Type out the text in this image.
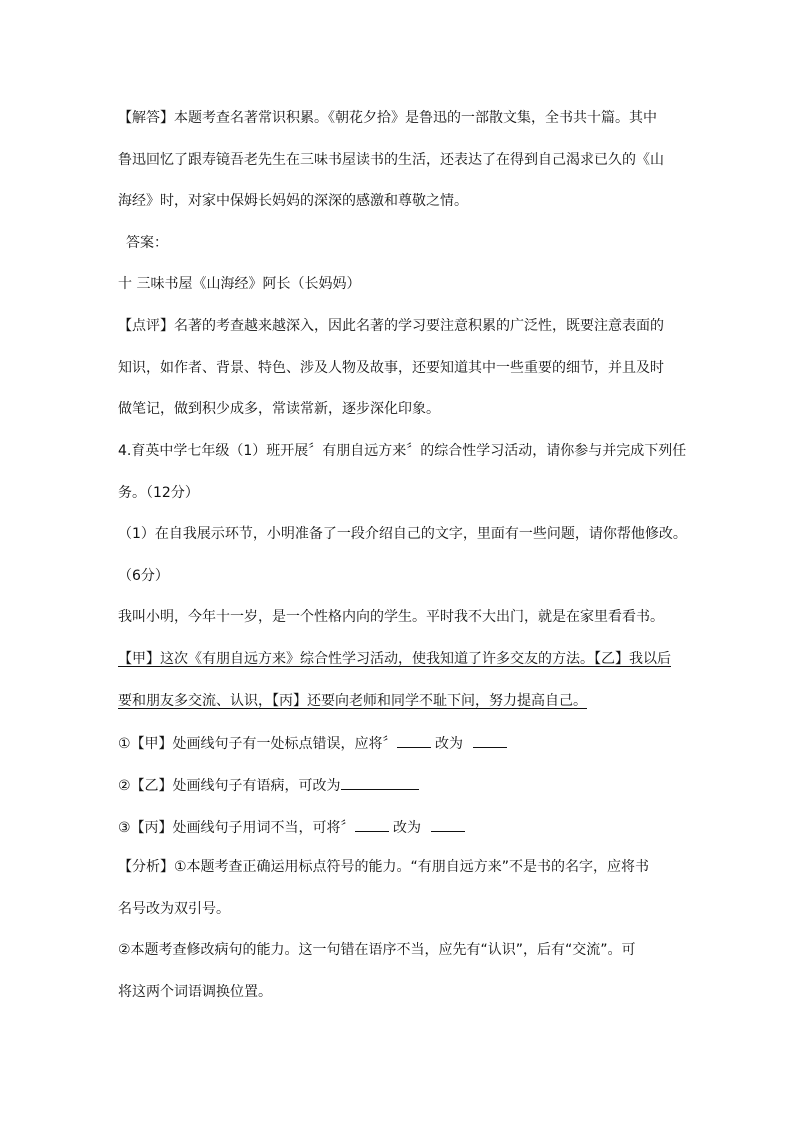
【解答】本题考查名著常识积累。《朝花夕拾》是鲁迅的一部散文集，全书共十篇。其中
鲁迅回忆了跟寿镜吾老先生在三味书屋读书的生活，还表达了在得到自己渴求已久的《山
海经》时，对家中保姆长妈妈的深深的感激和尊敬之情。
答案：
十 三味书屋《山海经》阿长（长妈妈）
【点评】名著的考查越来越深入，因此名著的学习要注意积累的广泛性，既要注意表面的
知识，如作者、背景、特色、涉及人物及故事，还要知道其中一些重要的细节，并且及时
做笔记，做到积少成多，常读常新，逐步深化印象。
4.育英中学七年级（1）班开展〞有朋自远方来〞的综合性学习活动，请你参与并完成下列任
务。（12分）
（1）在自我展示环节，小明准备了一段介绍自己的文字，里面有一些问题，请你帮他修改。
（6分）
我叫小明，今年十一岁，是一个性格内向的学生。平时我不大出门，就是在家里看看书。
【甲】这次《有朋自远方来》综合性学习活动，使我知道了许多交友的方法。【乙】我以后
要和朋友多交流、认识，【丙】还要向老师和同学不耻下问，努力提高自己。
①【甲】处画线句子有一处标点错误，应将〞	改为
②【乙】处画线句子有语病，可改为
③【丙】处画线句子用词不当，可将〞	改为
【分析】①本题考查正确运用标点符号的能力。“有朋自远方来”不是书的名字，应将书
名号改为双引号。
②本题考查修改病句的能力。这一句错在语序不当，应先有“认识”，后有“交流”。可
将这两个词语调换位置。
